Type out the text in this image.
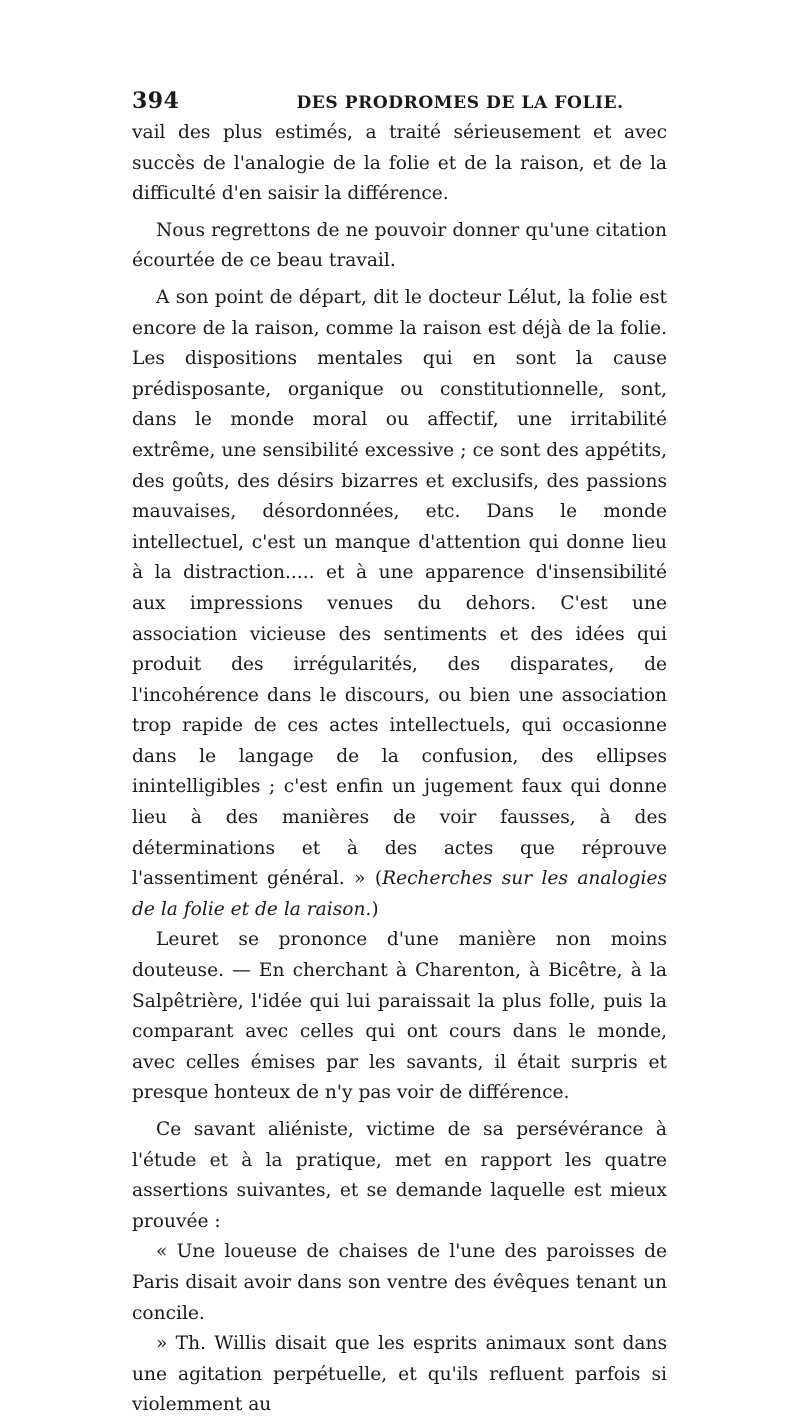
394	DES PRODROMES DE LA FOLIE.

vail des plus estimés, a traité sérieusement et avec succès de l'analogie de la folie et de la raison, et de la difficulté d'en saisir la différence.

Nous regrettons de ne pouvoir donner qu'une citation écourtée de ce beau travail.

A son point de départ, dit le docteur Lélut, la folie est encore de la raison, comme la raison est déjà de la folie. Les dispositions mentales qui en sont la cause prédisposante, organique ou constitutionnelle, sont, dans le monde moral ou affectif, une irritabilité extrême, une sensibilité excessive ; ce sont des appétits, des goûts, des désirs bizarres et exclusifs, des passions mauvaises, désordonnées, etc. Dans le monde intellectuel, c'est un manque d'attention qui donne lieu à la distraction..... et à une apparence d'insensibilité aux impressions venues du dehors. C'est une association vicieuse des sentiments et des idées qui produit des irrégularités, des disparates, de l'incohérence dans le discours, ou bien une association trop rapide de ces actes intellectuels, qui occasionne dans le langage de la confusion, des ellipses inintelligibles ; c'est enfin un jugement faux qui donne lieu à des manières de voir fausses, à des déterminations et à des actes que réprouve l'assentiment général. » (Recherches sur les analogies de la folie et de la raison.)

Leuret se prononce d'une manière non moins douteuse. — En cherchant à Charenton, à Bicêtre, à la Salpêtrière, l'idée qui lui paraissait la plus folle, puis la comparant avec celles qui ont cours dans le monde, avec celles émises par les savants, il était surpris et presque honteux de n'y pas voir de différence.

Ce savant aliéniste, victime de sa persévérance à l'étude et à la pratique, met en rapport les quatre assertions suivantes, et se demande laquelle est mieux prouvée :

« Une loueuse de chaises de l'une des paroisses de Paris disait avoir dans son ventre des évêques tenant un concile.

» Th. Willis disait que les esprits animaux sont dans une agitation perpétuelle, et qu'ils refluent parfois si violemment au
